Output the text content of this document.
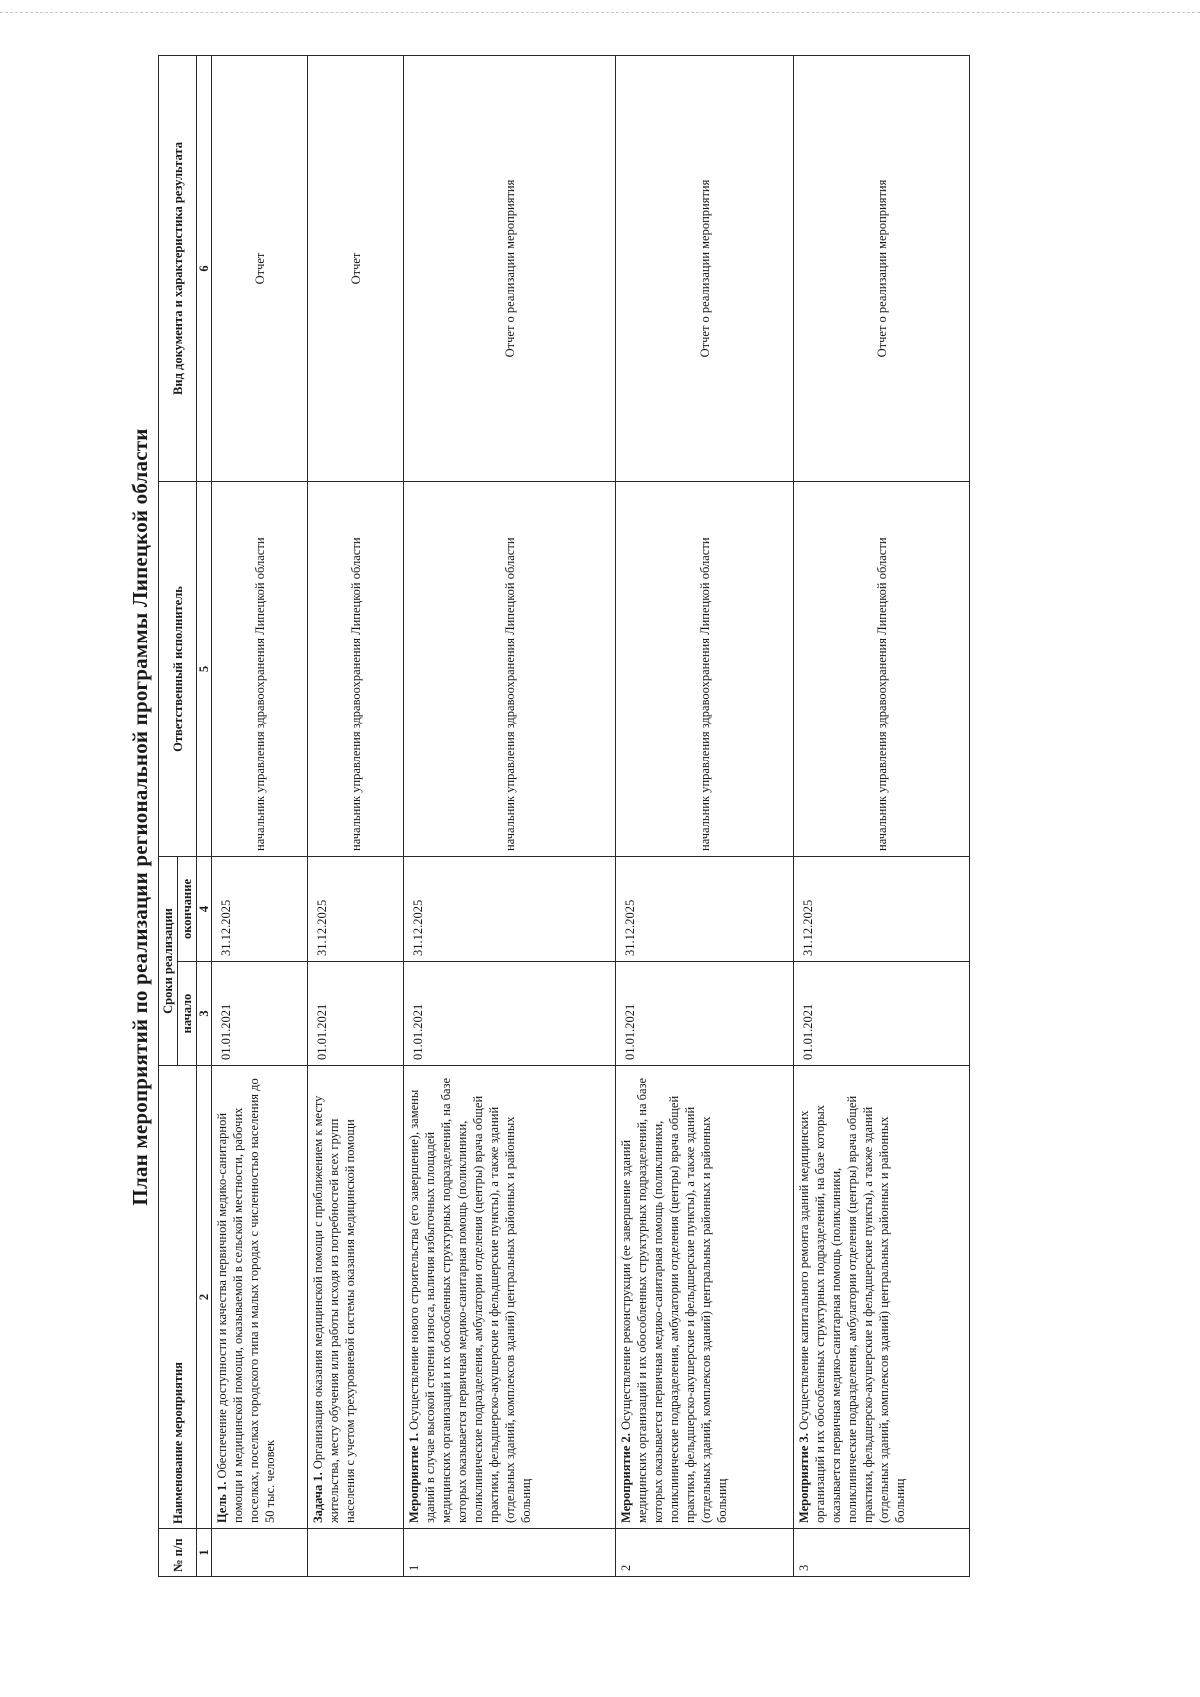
План мероприятий по реализации региональной программы Липецкой области
№ п/п	Наименование мероприятия	Сроки реализации		Ответственный исполнитель	Вид документа и характеристика результата
		начало	окончание		
1	2	3	4	5	6
	Цель 1. Обеспечение доступности и качества первичной медико-санитарной помощи и медицинской помощи, оказываемой в сельской местности, рабочих поселках, поселках городского типа и малых городах с численностью населения до 50 тыс. человек	01.01.2021	31.12.2025	начальник управления здравоохранения Липецкой области	Отчет
	Задача 1. Организация оказания медицинской помощи с приближением к месту жительства, месту обучения или работы исходя из потребностей всех групп населения с учетом трехуровневой системы оказания медицинской помощи	01.01.2021	31.12.2025	начальник управления здравоохранения Липецкой области	Отчет
1	Мероприятие 1. Осуществление нового строительства (его завершение), замены зданий в случае высокой степени износа, наличия избыточных площадей медицинских организаций и их обособленных структурных подразделений, на базе которых оказывается первичная медико-санитарная помощь (поликлиники, поликлинические подразделения, амбулатории отделения (центры) врача общей практики, фельдшерско-акушерские и фельдшерские пункты), а также зданий (отдельных зданий, комплексов зданий) центральных районных и районных больниц	01.01.2021	31.12.2025	начальник управления здравоохранения Липецкой области	Отчет о реализации мероприятия
2	Мероприятие 2. Осуществление реконструкции (ее завершение зданий медицинских организаций и их обособленных структурных подразделений, на базе которых оказывается первичная медико-санитарная помощь (поликлиники, поликлинические подразделения, амбулатории отделения (центры) врача общей практики, фельдшерско-акушерские и фельдшерские пункты), а также зданий (отдельных зданий, комплексов зданий) центральных районных и районных больниц	01.01.2021	31.12.2025	начальник управления здравоохранения Липецкой области	Отчет о реализации мероприятия
3	Мероприятие 3. Осуществление капитального ремонта зданий медицинских организаций и их обособленных структурных подразделений, на базе которых оказывается первичная медико-санитарная помощь (поликлиники, поликлинические подразделения, амбулатории отделения (центры) врача общей практики, фельдшерско-акушерские и фельдшерские пункты), а также зданий (отдельных зданий, комплексов зданий) центральных районных и районных больниц	01.01.2021	31.12.2025	начальник управления здравоохранения Липецкой области	Отчет о реализации мероприятия
